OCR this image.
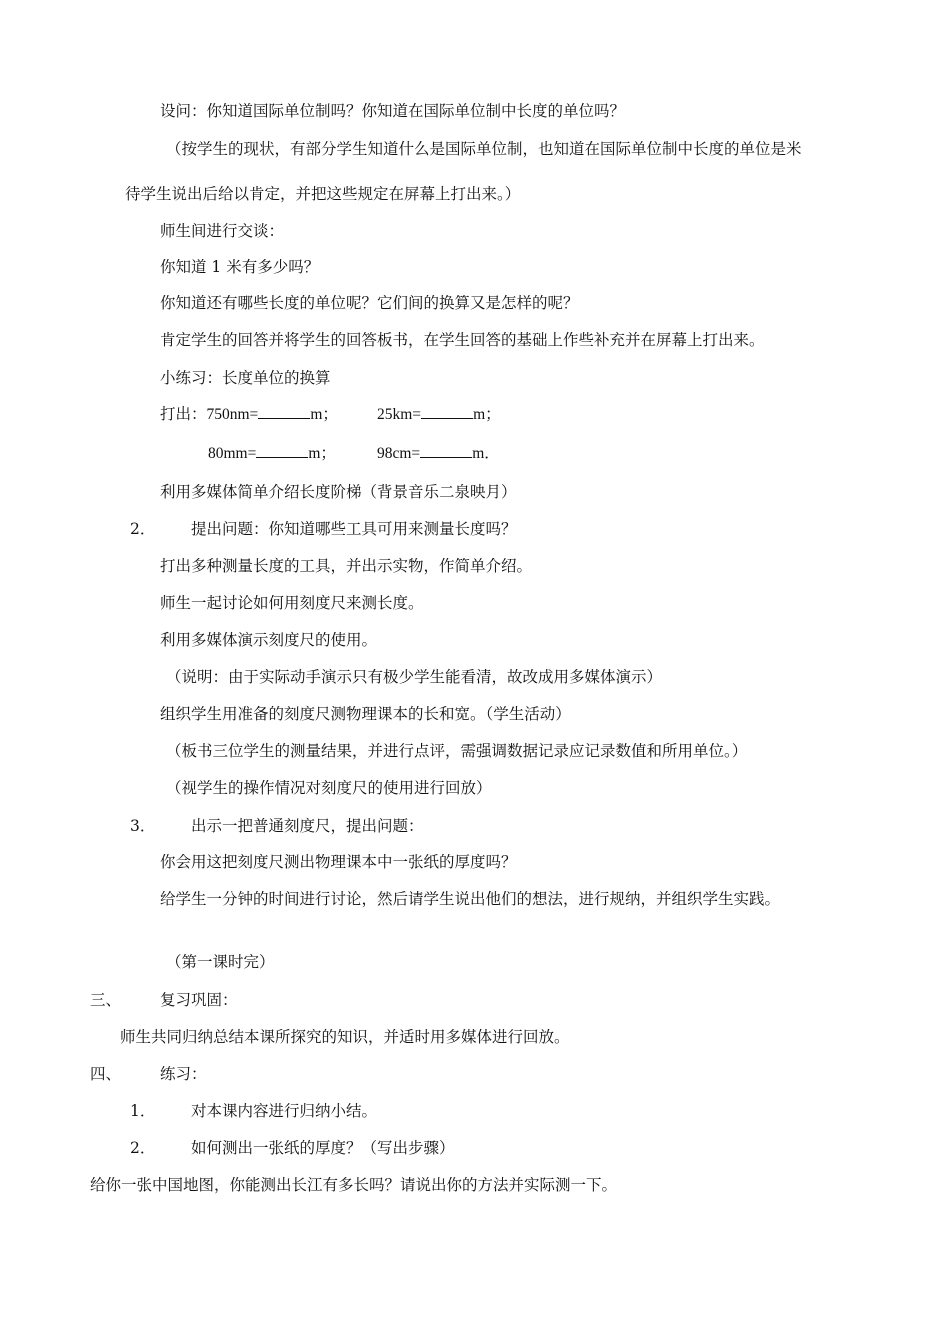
设问：你知道国际单位制吗？你知道在国际单位制中长度的单位吗？
（按学生的现状，有部分学生知道什么是国际单位制，也知道在国际单位制中长度的单位是米
待学生说出后给以肯定，并把这些规定在屏幕上打出来。）
师生间进行交谈：
你知道 1 米有多少吗？
你知道还有哪些长度的单位呢？它们间的换算又是怎样的呢？
肯定学生的回答并将学生的回答板书，在学生回答的基础上作些补充并在屏幕上打出来。
小练习：长度单位的换算
打出：750nm=	m；	25km=	m；
80mm=	m；	98cm=	m．
利用多媒体简单介绍长度阶梯（背景音乐二泉映月）
2． 提出问题：你知道哪些工具可用来测量长度吗？
打出多种测量长度的工具，并出示实物，作简单介绍。
师生一起讨论如何用刻度尺来测长度。
利用多媒体演示刻度尺的使用。
（说明：由于实际动手演示只有极少学生能看清，故改成用多媒体演示）
组织学生用准备的刻度尺测物理课本的长和宽。（学生活动）
（板书三位学生的测量结果，并进行点评，需强调数据记录应记录数值和所用单位。）
（视学生的操作情况对刻度尺的使用进行回放）
3． 出示一把普通刻度尺，提出问题：
你会用这把刻度尺测出物理课本中一张纸的厚度吗？
给学生一分钟的时间进行讨论，然后请学生说出他们的想法，进行规纳，并组织学生实践。
（第一课时完）
三、	复习巩固：
师生共同归纳总结本课所探究的知识，并适时用多媒体进行回放。
四、	练习：
1． 对本课内容进行归纳小结。
2． 如何测出一张纸的厚度？（写出步骤）
给你一张中国地图，你能测出长江有多长吗？请说出你的方法并实际测一下。
